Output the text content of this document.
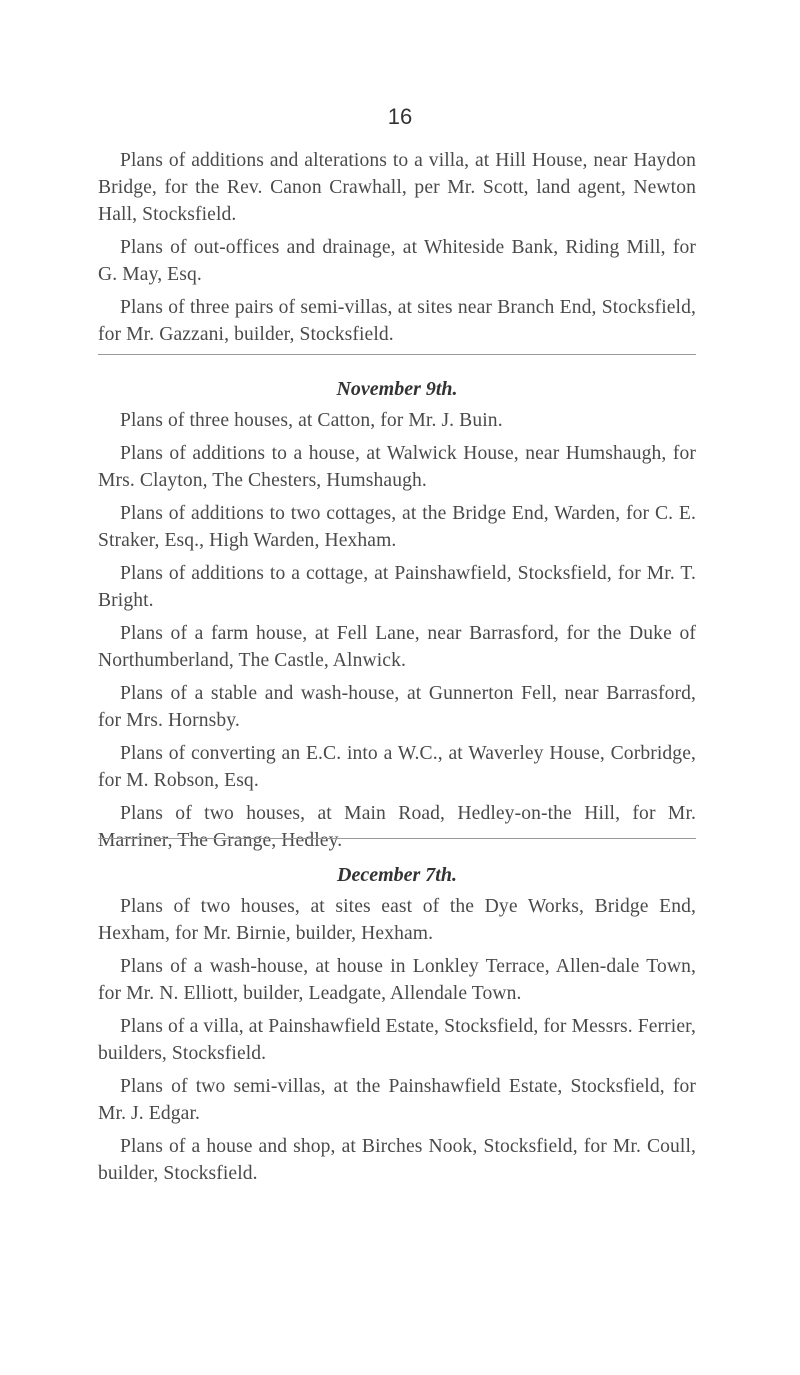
16

Plans of additions and alterations to a villa, at Hill House, near Haydon Bridge, for the Rev. Canon Crawhall, per Mr. Scott, land agent, Newton Hall, Stocksfield.

Plans of out-offices and drainage, at Whiteside Bank, Riding Mill, for G. May, Esq.

Plans of three pairs of semi-villas, at sites near Branch End, Stocksfield, for Mr. Gazzani, builder, Stocksfield.

November 9th.

Plans of three houses, at Catton, for Mr. J. Buin.

Plans of additions to a house, at Walwick House, near Humshaugh, for Mrs. Clayton, The Chesters, Humshaugh.

Plans of additions to two cottages, at the Bridge End, Warden, for C. E. Straker, Esq., High Warden, Hexham.

Plans of additions to a cottage, at Painshawfield, Stocksfield, for Mr. T. Bright.

Plans of a farm house, at Fell Lane, near Barrasford, for the Duke of Northumberland, The Castle, Alnwick.

Plans of a stable and wash-house, at Gunnerton Fell, near Barrasford, for Mrs. Hornsby.

Plans of converting an E.C. into a W.C., at Waverley House, Corbridge, for M. Robson, Esq.

Plans of two houses, at Main Road, Hedley-on-the Hill, for Mr. Marriner, The Grange, Hedley.

December 7th.

Plans of two houses, at sites east of the Dye Works, Bridge End, Hexham, for Mr. Birnie, builder, Hexham.

Plans of a wash-house, at house in Lonkley Terrace, Allen-dale Town, for Mr. N. Elliott, builder, Leadgate, Allendale Town.

Plans of a villa, at Painshawfield Estate, Stocksfield, for Messrs. Ferrier, builders, Stocksfield.

Plans of two semi-villas, at the Painshawfield Estate, Stocksfield, for Mr. J. Edgar.

Plans of a house and shop, at Birches Nook, Stocksfield, for Mr. Coull, builder, Stocksfield.
